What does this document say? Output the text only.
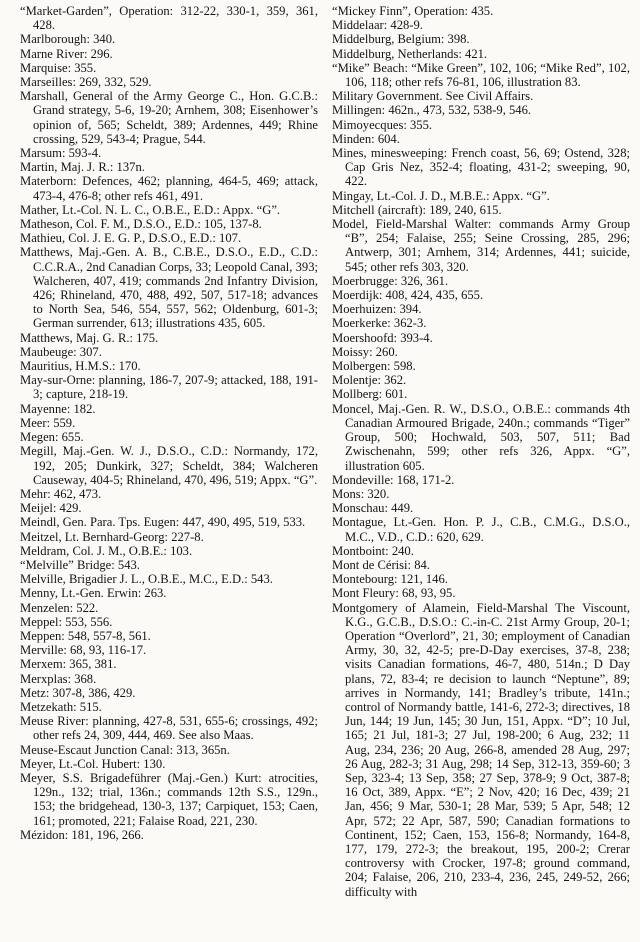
“Market-Garden”, Operation: 312-22, 330-1, 359, 361, 428.

Marlborough: 340.

Marne River: 296.

Marquise: 355.

Marseilles: 269, 332, 529.

Marshall, General of the Army George C., Hon. G.C.B.: Grand strategy, 5-6, 19-20; Arnhem, 308; Eisenhower’s opinion of, 565; Scheldt, 389; Ardennes, 449; Rhine crossing, 529, 543-4; Prague, 544.

Marsum: 593-4.

Martin, Maj. J. R.: 137n.

Materborn: Defences, 462; planning, 464-5, 469; attack, 473-4, 476-8; other refs 461, 491.

Mather, Lt.-Col. N. L. C., O.B.E., E.D.: Appx. “G”.

Matheson, Col. F. M., D.S.O., E.D.: 105, 137-8.

Mathieu, Col. J. E. G. P., D.S.O., E.D.: 107.

Matthews, Maj.-Gen. A. B., C.B.E., D.S.O., E.D., C.D.: C.C.R.A., 2nd Canadian Corps, 33; Leopold Canal, 393; Walcheren, 407, 419; commands 2nd Infantry Division, 426; Rhineland, 470, 488, 492, 507, 517-18; advances to North Sea, 546, 554, 557, 562; Oldenburg, 601-3; German surrender, 613; illustrations 435, 605.

Matthews, Maj. G. R.: 175.

Maubeuge: 307.

Mauritius, H.M.S.: 170.

May-sur-Orne: planning, 186-7, 207-9; attacked, 188, 191-3; capture, 218-19.

Mayenne: 182.

Meer: 559.

Megen: 655.

Megill, Maj.-Gen. W. J., D.S.O., C.D.: Normandy, 172, 192, 205; Dunkirk, 327; Scheldt, 384; Walcheren Causeway, 404-5; Rhineland, 470, 496, 519; Appx. “G”.

Mehr: 462, 473.

Meijel: 429.

Meindl, Gen. Para. Tps. Eugen: 447, 490, 495, 519, 533.

Meitzel, Lt. Bernhard-Georg: 227-8.

Meldram, Col. J. M., O.B.E.: 103.

“Melville” Bridge: 543.

Melville, Brigadier J. L., O.B.E., M.C., E.D.: 543.

Menny, Lt.-Gen. Erwin: 263.

Menzelen: 522.

Meppel: 553, 556.

Meppen: 548, 557-8, 561.

Merville: 68, 93, 116-17.

Merxem: 365, 381.

Merxplas: 368.

Metz: 307-8, 386, 429.

Metzekath: 515.

Meuse River: planning, 427-8, 531, 655-6; crossings, 492; other refs 24, 309, 444, 469. See also Maas.

Meuse-Escaut Junction Canal: 313, 365n.

Meyer, Lt.-Col. Hubert: 130.

Meyer, S.S. Brigadeführer (Maj.-Gen.) Kurt: atrocities, 129n., 132; trial, 136n.; commands 12th S.S., 129n., 153; the bridgehead, 130-3, 137; Carpiquet, 153; Caen, 161; promoted, 221; Falaise Road, 221, 230.

Mézidon: 181, 196, 266.

“Mickey Finn”, Operation: 435.

Middelaar: 428-9.

Middelburg, Belgium: 398.

Middelburg, Netherlands: 421.

“Mike” Beach: “Mike Green”, 102, 106; “Mike Red”, 102, 106, 118; other refs 76-81, 106, illustration 83.

Military Government. See Civil Affairs.

Millingen: 462n., 473, 532, 538-9, 546.

Mimoyecques: 355.

Minden: 604.

Mines, minesweeping: French coast, 56, 69; Ostend, 328; Cap Gris Nez, 352-4; floating, 431-2; sweeping, 90, 422.

Mingay, Lt.-Col. J. D., M.B.E.: Appx. “G”.

Mitchell (aircraft): 189, 240, 615.

Model, Field-Marshal Walter: commands Army Group “B”, 254; Falaise, 255; Seine Crossing, 285, 296; Antwerp, 301; Arnhem, 314; Ardennes, 441; suicide, 545; other refs 303, 320.

Moerbrugge: 326, 361.

Moerdijk: 408, 424, 435, 655.

Moerhuizen: 394.

Moerkerke: 362-3.

Moershoofd: 393-4.

Moissy: 260.

Molbergen: 598.

Molentje: 362.

Mollberg: 601.

Moncel, Maj.-Gen. R. W., D.S.O., O.B.E.: commands 4th Canadian Armoured Brigade, 240n.; commands “Tiger” Group, 500; Hochwald, 503, 507, 511; Bad Zwischenahn, 599; other refs 326, Appx. “G”, illustration 605.

Mondeville: 168, 171-2.

Mons: 320.

Monschau: 449.

Montague, Lt.-Gen. Hon. P. J., C.B., C.M.G., D.S.O., M.C., V.D., C.D.: 620, 629.

Montboint: 240.

Mont de Cérisi: 84.

Montebourg: 121, 146.

Mont Fleury: 68, 93, 95.

Montgomery of Alamein, Field-Marshal The Viscount, K.G., G.C.B., D.S.O.: C.-in-C. 21st Army Group, 20-1; Operation “Overlord”, 21, 30; employment of Canadian Army, 30, 32, 42-5; pre-D-Day exercises, 37-8, 238; visits Canadian formations, 46-7, 480, 514n.; D Day plans, 72, 83-4; re decision to launch “Neptune”, 89; arrives in Normandy, 141; Bradley’s tribute, 141n.; control of Normandy battle, 141-6, 272-3; directives, 18 Jun, 144; 19 Jun, 145; 30 Jun, 151, Appx. “D”; 10 Jul, 165; 21 Jul, 181-3; 27 Jul, 198-200; 6 Aug, 232; 11 Aug, 234, 236; 20 Aug, 266-8, amended 28 Aug, 297; 26 Aug, 282-3; 31 Aug, 298; 14 Sep, 312-13, 359-60; 3 Sep, 323-4; 13 Sep, 358; 27 Sep, 378-9; 9 Oct, 387-8; 16 Oct, 389, Appx. “E”; 2 Nov, 420; 16 Dec, 439; 21 Jan, 456; 9 Mar, 530-1; 28 Mar, 539; 5 Apr, 548; 12 Apr, 572; 22 Apr, 587, 590; Canadian formations to Continent, 152; Caen, 153, 156-8; Normandy, 164-8, 177, 179, 272-3; the breakout, 195, 200-2; Crerar controversy with Crocker, 197-8; ground command, 204; Falaise, 206, 210, 233-4, 236, 245, 249-52, 266; difficulty with
